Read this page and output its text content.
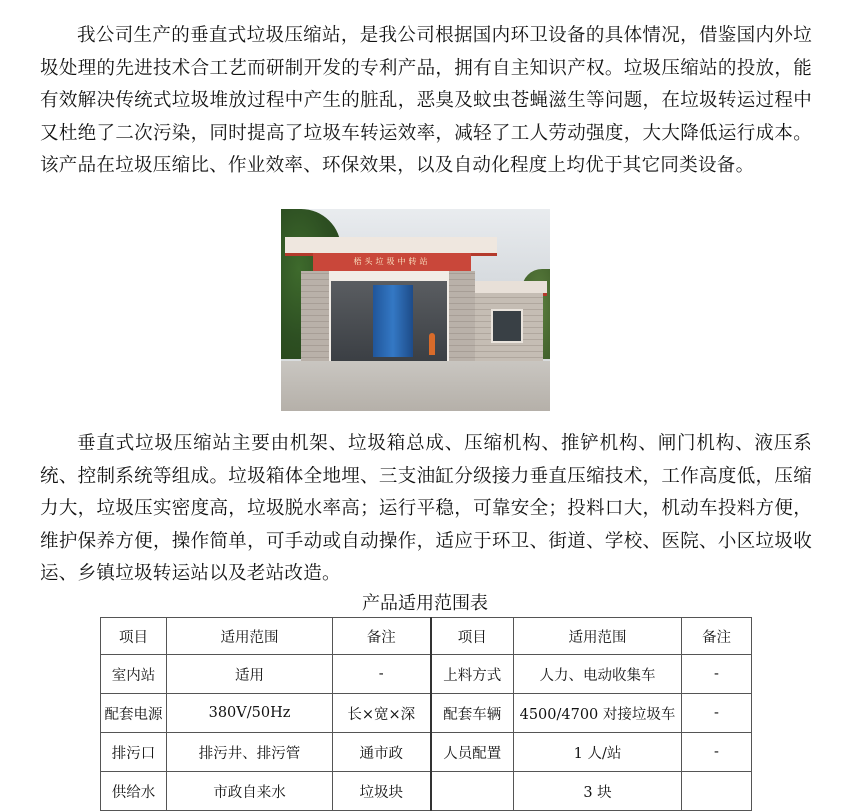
我公司生产的垂直式垃圾压缩站，是我公司根据国内环卫设备的具体情况，借鉴国内外垃圾处理的先进技术合工艺而研制开发的专利产品，拥有自主知识产权。垃圾压缩站的投放，能有效解决传统式垃圾堆放过程中产生的脏乱，恶臭及蚊虫苍蝇滋生等问题，在垃圾转运过程中又杜绝了二次污染，同时提高了垃圾车转运效率，减轻了工人劳动强度，大大降低运行成本。该产品在垃圾压缩比、作业效率、环保效果，以及自动化程度上均优于其它同类设备。

梧头垃圾中转站

垂直式垃圾压缩站主要由机架、垃圾箱总成、压缩机构、推铲机构、闸门机构、液压系统、控制系统等组成。垃圾箱体全地埋、三支油缸分级接力垂直压缩技术，工作高度低，压缩力大，垃圾压实密度高，垃圾脱水率高；运行平稳，可靠安全；投料口大，机动车投料方便，维护保养方便，操作简单，可手动或自动操作，适应于环卫、街道、学校、医院、小区垃圾收运、乡镇垃圾转运站以及老站改造。

产品适用范围表
项目	适用范围	备注	项目	适用范围	备注
室内站	适用	-	上料方式	人力、电动收集车	-
配套电源	380V/50Hz	长×宽×深	配套车辆	4500/4700 对接垃圾车	-
排污口	排污井、排污管	通市政	人员配置	1 人/站	-
供给水	市政自来水	垃圾块		3 块	
